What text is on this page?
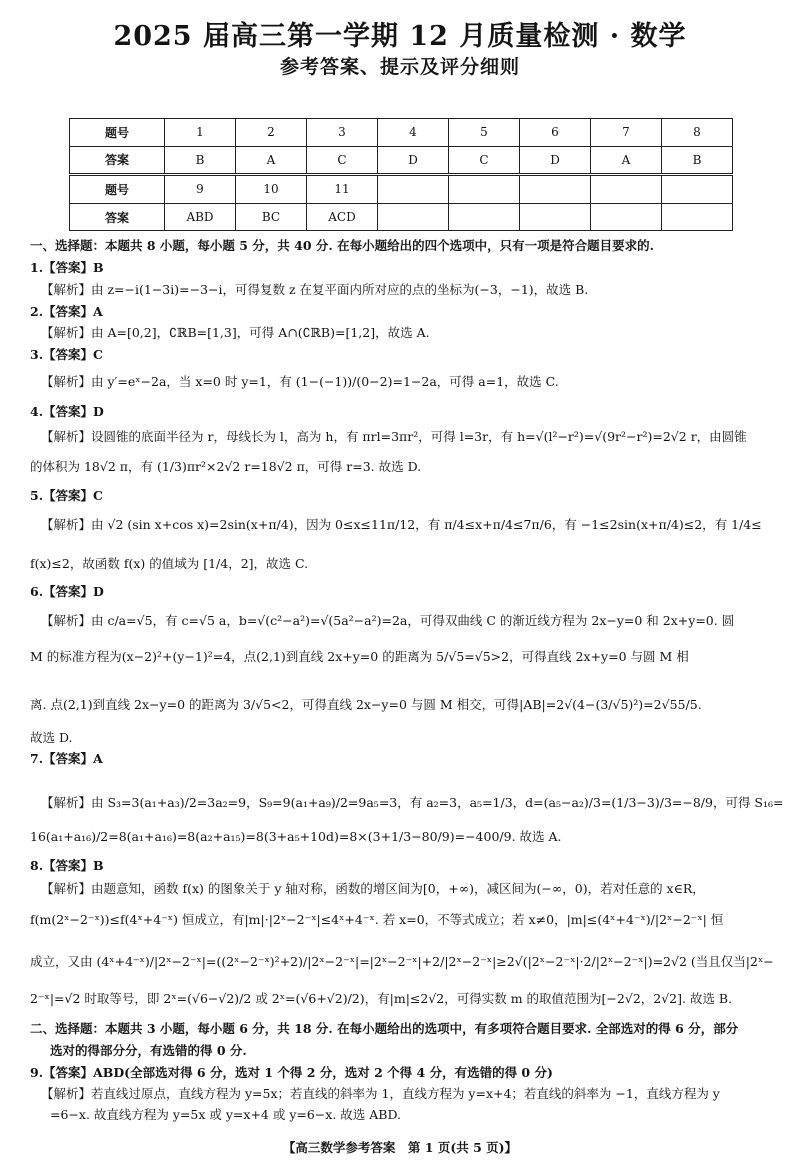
2025 届高三第一学期 12 月质量检测 · 数学
参考答案、提示及评分细则
题号	1	2	3	4	5	6	7	8
答案	B	A	C	D	C	D	A	B
题号	9	10	11					
答案	ABD	BC	ACD					
一、选择题：本题共 8 小题，每小题 5 分，共 40 分. 在每小题给出的四个选项中，只有一项是符合题目要求的.
1.【答案】B
【解析】由 z=−i(1−3i)=−3−i，可得复数 z 在复平面内所对应的点的坐标为(−3，−1)，故选 B.
2.【答案】A
【解析】由 A=[0,2]，∁ℝB=[1,3]，可得 A∩(∁ℝB)=[1,2]，故选 A.
3.【答案】C
【解析】由 y′=eˣ−2a，当 x=0 时 y=1，有 (1−(−1))/(0−2)=1−2a，可得 a=1，故选 C.
4.【答案】D
【解析】设圆锥的底面半径为 r，母线长为 l，高为 h，有 πrl=3πr²，可得 l=3r，有 h=√(l²−r²)=√(9r²−r²)=2√2 r，由圆锥
的体积为 18√2 π，有 (1/3)πr²×2√2 r=18√2 π，可得 r=3. 故选 D.
5.【答案】C
【解析】由 √2 (sin x+cos x)=2sin(x+π/4)，因为 0≤x≤11π/12，有 π/4≤x+π/4≤7π/6，有 −1≤2sin(x+π/4)≤2，有 1/4≤
f(x)≤2，故函数 f(x) 的值域为 [1/4，2]，故选 C.
6.【答案】D
【解析】由 c/a=√5，有 c=√5 a，b=√(c²−a²)=√(5a²−a²)=2a，可得双曲线 C 的渐近线方程为 2x−y=0 和 2x+y=0. 圆
M 的标准方程为(x−2)²+(y−1)²=4，点(2,1)到直线 2x+y=0 的距离为 5/√5=√5>2，可得直线 2x+y=0 与圆 M 相
离. 点(2,1)到直线 2x−y=0 的距离为 3/√5<2，可得直线 2x−y=0 与圆 M 相交，可得|AB|=2√(4−(3/√5)²)=2√55/5.
故选 D.
7.【答案】A
【解析】由 S₃=3(a₁+a₃)/2=3a₂=9，S₉=9(a₁+a₉)/2=9a₅=3，有 a₂=3，a₅=1/3，d=(a₅−a₂)/3=(1/3−3)/3=−8/9，可得 S₁₆=
16(a₁+a₁₆)/2=8(a₁+a₁₆)=8(a₂+a₁₅)=8(3+a₅+10d)=8×(3+1/3−80/9)=−400/9. 故选 A.
8.【答案】B
【解析】由题意知，函数 f(x) 的图象关于 y 轴对称，函数的增区间为[0，+∞)，减区间为(−∞，0)，若对任意的 x∈R，
f(m(2ˣ−2⁻ˣ))≤f(4ˣ+4⁻ˣ) 恒成立，有|m|·|2ˣ−2⁻ˣ|≤4ˣ+4⁻ˣ. 若 x=0，不等式成立；若 x≠0，|m|≤(4ˣ+4⁻ˣ)/|2ˣ−2⁻ˣ| 恒
成立，又由 (4ˣ+4⁻ˣ)/|2ˣ−2⁻ˣ|=((2ˣ−2⁻ˣ)²+2)/|2ˣ−2⁻ˣ|=|2ˣ−2⁻ˣ|+2/|2ˣ−2⁻ˣ|≥2√(|2ˣ−2⁻ˣ|·2/|2ˣ−2⁻ˣ|)=2√2 (当且仅当|2ˣ−
2⁻ˣ|=√2 时取等号，即 2ˣ=(√6−√2)/2 或 2ˣ=(√6+√2)/2)，有|m|≤2√2，可得实数 m 的取值范围为[−2√2，2√2]. 故选 B.
二、选择题：本题共 3 小题，每小题 6 分，共 18 分. 在每小题给出的选项中，有多项符合题目要求. 全部选对的得 6 分，部分
选对的得部分分，有选错的得 0 分.
9.【答案】ABD(全部选对得 6 分，选对 1 个得 2 分，选对 2 个得 4 分，有选错的得 0 分)
【解析】若直线过原点，直线方程为 y=5x；若直线的斜率为 1，直线方程为 y=x+4；若直线的斜率为 −1，直线方程为 y
=6−x. 故直线方程为 y=5x 或 y=x+4 或 y=6−x. 故选 ABD.
【高三数学参考答案　第 1 页(共 5 页)】
